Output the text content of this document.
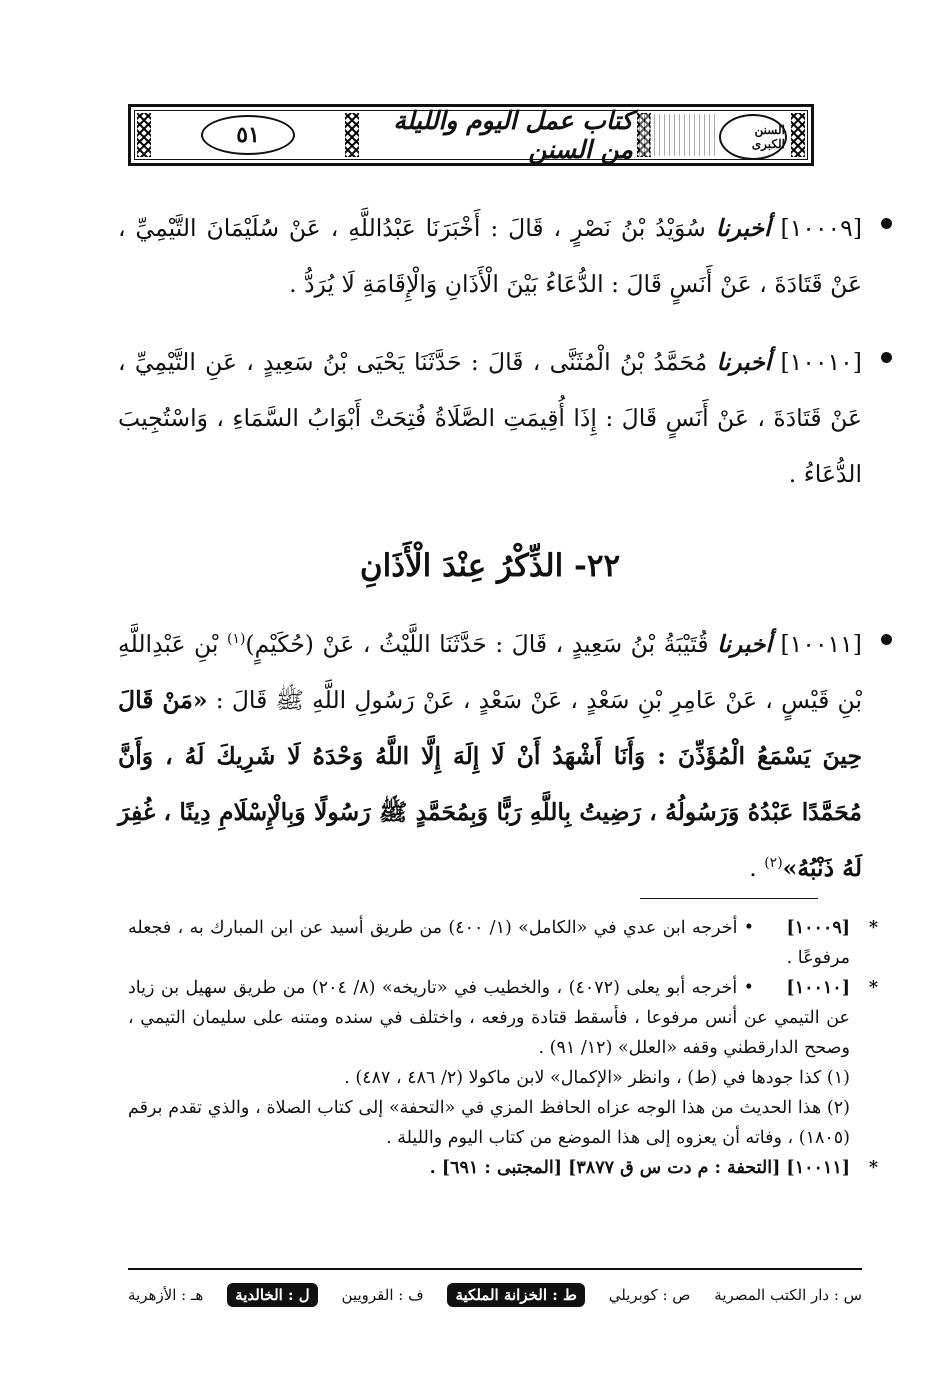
٥١	كتاب عمل اليوم والليلة من السنن
السنن الكبرى

[١٠٠٠٩] أخبرنا سُوَيْدُ بْنُ نَصْرٍ ، قَالَ : أَخْبَرَنَا عَبْدُاللَّهِ ، عَنْ سُلَيْمَانَ التَّيْمِيِّ ، عَنْ قَتَادَةَ ، عَنْ أَنَسٍ قَالَ : الدُّعَاءُ بَيْنَ الْأَذَانِ وَالْإِقَامَةِ لَا يُرَدُّ .

[١٠٠١٠] أخبرنا مُحَمَّدُ بْنُ الْمُثَنَّى ، قَالَ : حَدَّثَنَا يَحْيَى بْنُ سَعِيدٍ ، عَنِ التَّيْمِيِّ ، عَنْ قَتَادَةَ ، عَنْ أَنَسٍ قَالَ : إِذَا أُقِيمَتِ الصَّلَاةُ فُتِحَتْ أَبْوَابُ السَّمَاءِ ، وَاسْتُجِيبَ الدُّعَاءُ .

٢٢- الذِّكْرُ عِنْدَ الْأَذَانِ

[١٠٠١١] أخبرنا قُتَيْبَةُ بْنُ سَعِيدٍ ، قَالَ : حَدَّثَنَا اللَّيْثُ ، عَنْ (حُكَيْمٍ)$^{(١)}$ بْنِ عَبْدِاللَّهِ بْنِ قَيْسٍ ، عَنْ عَامِرِ بْنِ سَعْدٍ ، عَنْ سَعْدٍ ، عَنْ رَسُولِ اللَّهِ ﷺ قَالَ : «مَنْ قَالَ حِينَ يَسْمَعُ الْمُؤَذِّنَ : وَأَنَا أَشْهَدُ أَنْ لَا إِلَهَ إِلَّا اللَّهُ وَحْدَهُ لَا شَرِيكَ لَهُ ، وَأَنَّ مُحَمَّدًا عَبْدُهُ وَرَسُولُهُ ، رَضِيتُ بِاللَّهِ رَبًّا وَبِمُحَمَّدٍ ﷺ رَسُولًا وَبِالْإِسْلَامِ دِينًا ، غُفِرَ لَهُ ذَنْبُهُ»$^{(٢)}$ .

*
[١٠٠٠٩] • أخرجه ابن عدي في «الكامل» (١/ ٤٠٠) من طريق أسيد عن ابن المبارك به ، فجعله مرفوعًا .

*
[١٠٠١٠] • أخرجه أبو يعلى (٤٠٧٢) ، والخطيب في «تاريخه» (٨/ ٢٠٤) من طريق سهيل بن زياد عن التيمي عن أنس مرفوعا ، فأسقط قتادة ورفعه ، واختلف في سنده ومتنه على سليمان التيمي ، وصحح الدارقطني وقفه «العلل» (١٢/ ٩١) .

(١) كذا جودها في (ط) ، وانظر «الإكمال» لابن ماكولا (٢/ ٤٨٦ ، ٤٨٧) .

(٢) هذا الحديث من هذا الوجه عزاه الحافظ المزي في «التحفة» إلى كتاب الصلاة ، والذي تقدم برقم (١٨٠٥) ، وفاته أن يعزوه إلى هذا الموضع من كتاب اليوم والليلة .

*
[١٠٠١١] [التحفة : م دت س ق ٣٨٧٧] [المجتبى : ٦٩١] .

س : دار الكتب المصرية
ص : كوبريلي
ط : الخزانة الملكية
ف : القرويين
ل : الخالدية
هـ : الأزهرية
